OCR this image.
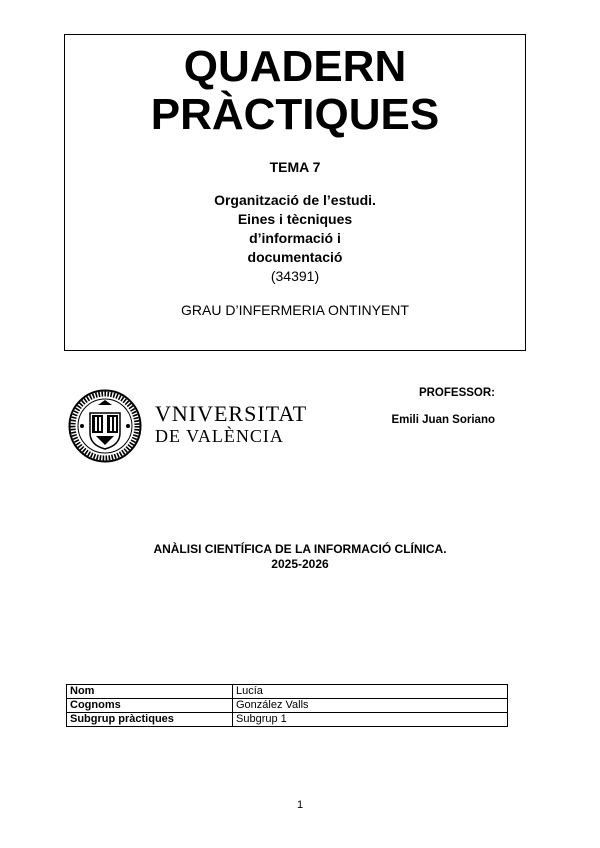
QUADERN
PRÀCTIQUES
TEMA 7
Organització de l’estudi.
Eines i tècniques
d’informació i
documentació
(34391)
GRAU D’INFERMERIA ONTINYENT
VNIVERSITAT
DE VALÈNCIA
PROFESSOR:
Emili Juan Soriano
ANÀLISI CIENTÍFICA DE LA INFORMACIÓ CLÍNICA.
2025-2026
Nom	Lucía
Cognoms	González Valls
Subgrup pràctiques	Subgrup 1
1
